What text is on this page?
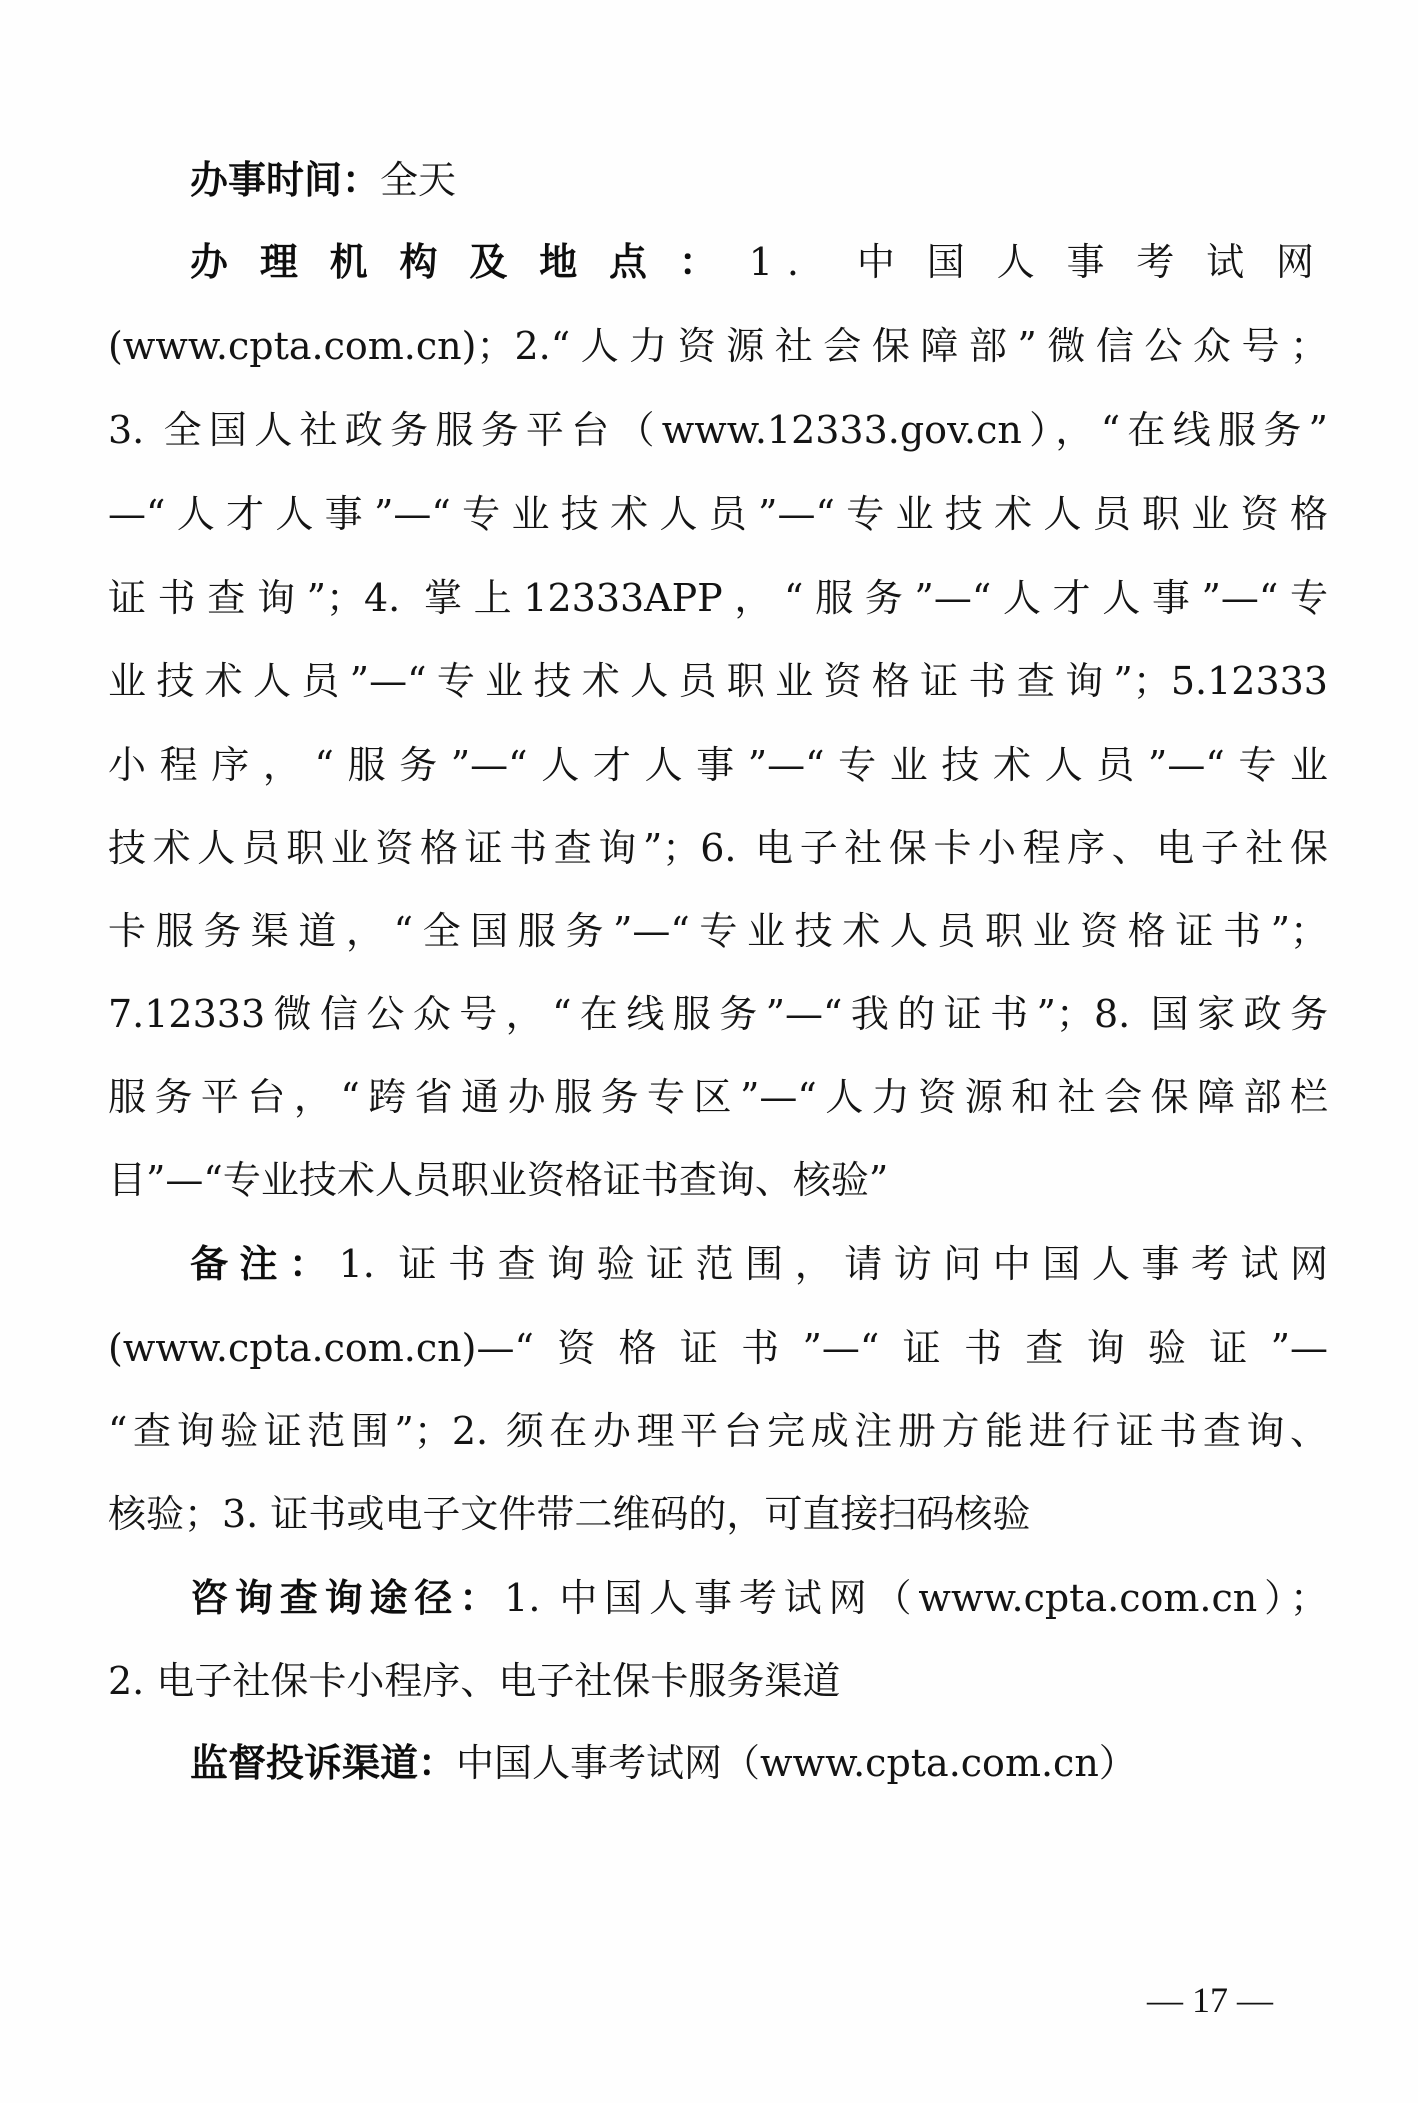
办事时间：全天
办理机构及地点：1. 中国人事考试网
(www.cpta.com.cn)；2.“人力资源社会保障部”微信公众号；
3. 全国人社政务服务平台（www.12333.gov.cn），“在线服务”
—“人才人事”—“专业技术人员”—“专业技术人员职业资格
证书查询”；4. 掌上12333APP，“服务”—“人才人事”—“专
业技术人员”—“专业技术人员职业资格证书查询”；5.12333
小程序，“服务”—“人才人事”—“专业技术人员”—“专业
技术人员职业资格证书查询”；6. 电子社保卡小程序、电子社保
卡服务渠道，“全国服务”—“专业技术人员职业资格证书”；
7.12333微信公众号，“在线服务”—“我的证书”；8. 国家政务
服务平台，“跨省通办服务专区”—“人力资源和社会保障部栏
目”—“专业技术人员职业资格证书查询、核验”
备注：1. 证书查询验证范围，请访问中国人事考试网
(www.cpta.com.cn)—“资格证书”—“证书查询验证”—
“查询验证范围”；2. 须在办理平台完成注册方能进行证书查询、
核验；3. 证书或电子文件带二维码的，可直接扫码核验
咨询查询途径：1. 中国人事考试网（www.cpta.com.cn）；
2. 电子社保卡小程序、电子社保卡服务渠道
监督投诉渠道：中国人事考试网（www.cpta.com.cn）
— 17 —
